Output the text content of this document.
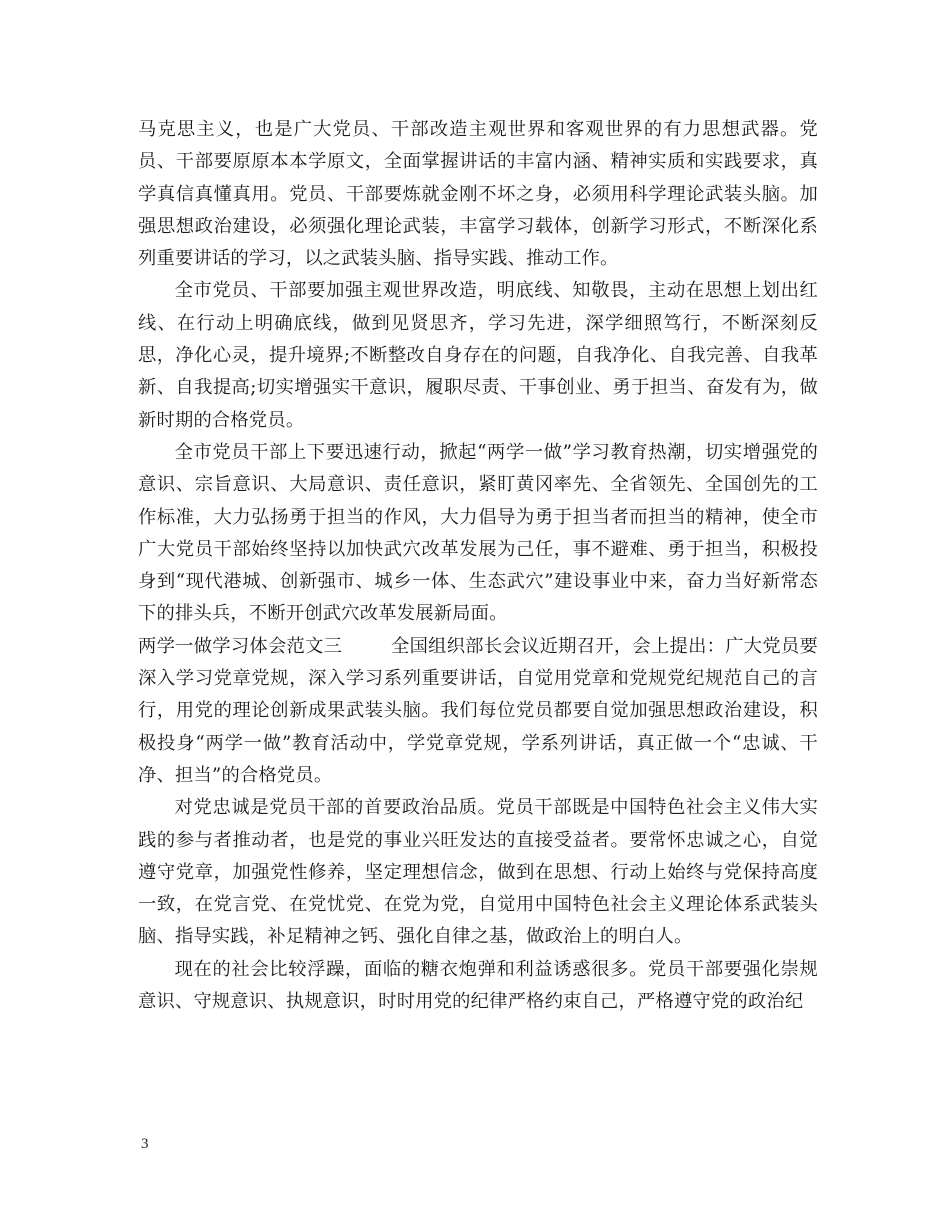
马克思主义，也是广大党员、干部改造主观世界和客观世界的有力思想武器。党员、干部要原原本本学原文，全面掌握讲话的丰富内涵、精神实质和实践要求，真学真信真懂真用。党员、干部要炼就金刚不坏之身，必须用科学理论武装头脑。加强思想政治建设，必须强化理论武装，丰富学习载体，创新学习形式，不断深化系列重要讲话的学习，以之武装头脑、指导实践、推动工作。

全市党员、干部要加强主观世界改造，明底线、知敬畏，主动在思想上划出红线、在行动上明确底线，做到见贤思齐，学习先进，深学细照笃行，不断深刻反思，净化心灵，提升境界;不断整改自身存在的问题，自我净化、自我完善、自我革新、自我提高;切实增强实干意识，履职尽责、干事创业、勇于担当、奋发有为，做新时期的合格党员。

全市党员干部上下要迅速行动，掀起“两学一做”学习教育热潮，切实增强党的意识、宗旨意识、大局意识、责任意识，紧盯黄冈率先、全省领先、全国创先的工作标准，大力弘扬勇于担当的作风，大力倡导为勇于担当者而担当的精神，使全市广大党员干部始终坚持以加快武穴改革发展为己任，事不避难、勇于担当，积极投身到“现代港城、创新强市、城乡一体、生态武穴”建设事业中来，奋力当好新常态下的排头兵，不断开创武穴改革发展新局面。

两学一做学习体会范文三	全国组织部长会议近期召开，会上提出：广大党员要深入学习党章党规，深入学习系列重要讲话，自觉用党章和党规党纪规范自己的言行，用党的理论创新成果武装头脑。我们每位党员都要自觉加强思想政治建设，积极投身“两学一做”教育活动中，学党章党规，学系列讲话，真正做一个“忠诚、干净、担当”的合格党员。

对党忠诚是党员干部的首要政治品质。党员干部既是中国特色社会主义伟大实践的参与者推动者，也是党的事业兴旺发达的直接受益者。要常怀忠诚之心，自觉遵守党章，加强党性修养，坚定理想信念，做到在思想、行动上始终与党保持高度一致，在党言党、在党忧党、在党为党，自觉用中国特色社会主义理论体系武装头脑、指导实践，补足精神之钙、强化自律之基，做政治上的明白人。

现在的社会比较浮躁，面临的糖衣炮弹和利益诱惑很多。党员干部要强化崇规意识、守规意识、执规意识，时时用党的纪律严格约束自己，严格遵守党的政治纪

3
